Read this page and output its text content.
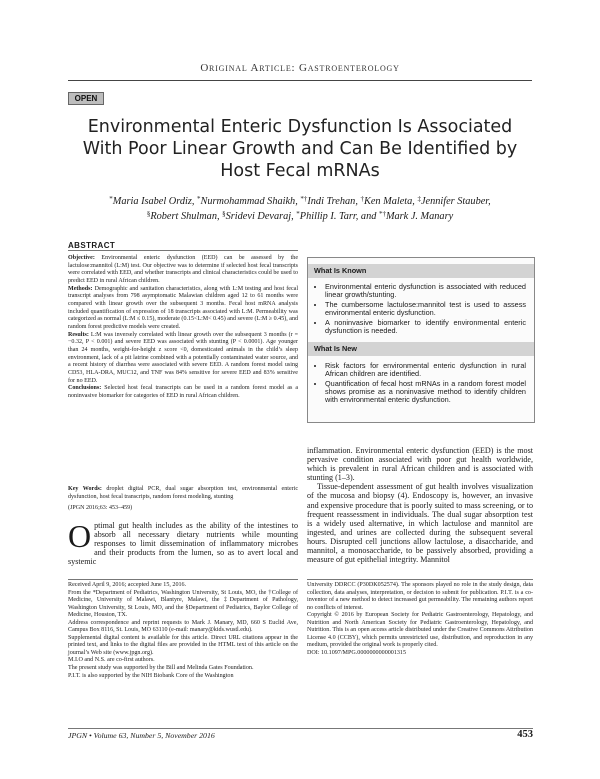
Original Article: Gastroenterology
OPEN
Environmental Enteric Dysfunction Is Associated With Poor Linear Growth and Can Be Identified by Host Fecal mRNAs
*Maria Isabel Ordiz, *Nurmohammad Shaikh, *†Indi Trehan, †Ken Maleta, ‡Jennifer Stauber,
§Robert Shulman, §Sridevi Devaraj, *Phillip I. Tarr, and *†Mark J. Manary
ABSTRACT

Objective: Environmental enteric dysfunction (EED) can be assessed by the lactulose:mannitol (L:M) test. Our objective was to determine if selected host fecal transcripts were correlated with EED, and whether transcripts and clinical characteristics could be used to predict EED in rural African children.

Methods: Demographic and sanitation characteristics, along with L:M testing and host fecal transcript analyses from 798 asymptomatic Malawian children aged 12 to 61 months were compared with linear growth over the subsequent 3 months. Fecal host mRNA analysis included quantification of expression of 18 transcripts associated with L:M. Permeability was categorized as normal (L:M ≤ 0.15), moderate (0.15<L:M< 0.45) and severe (L:M ≥ 0.45), and random forest predictive models were created.

Results: L:M was inversely correlated with linear growth over the subsequent 3 months (r = −0.32, P < 0.001) and severe EED was associated with stunting (P < 0.0001). Age younger than 24 months, weight-for-height z score <0, domesticated animals in the child’s sleep environment, lack of a pit latrine combined with a potentially contaminated water source, and a recent history of diarrhea were associated with severe EED. A random forest model using CD53, HLA-DRA, MUC12, and TNF was 84% sensitive for severe EED and 83% sensitive for no EED.

Conclusions: Selected host fecal transcripts can be used in a random forest model as a noninvasive biomarker for categories of EED in rural African children.

Key Words: droplet digital PCR, dual sugar absorption test, environmental enteric dysfunction, host fecal transcripts, random forest modeling, stunting
(JPGN 2016;63: 453–459)
Optimal gut health includes as the ability of the intestines to absorb all necessary dietary nutrients while mounting responses to limit dissemination of inflammatory microbes and their products from the lumen, so as to avert local and systemic
What Is Known
• Environmental enteric dysfunction is associated with reduced linear growth/stunting.
• The cumbersome lactulose:mannitol test is used to assess environmental enteric dysfunction.
• A noninvasive biomarker to identify environmental enteric dysfunction is needed.
What Is New
• Risk factors for environmental enteric dysfunction in rural African children are identified.
• Quantification of fecal host mRNAs in a random forest model shows promise as a noninvasive method to identify children with environmental enteric dysfunction.

inflammation. Environmental enteric dysfunction (EED) is the most pervasive condition associated with poor gut health worldwide, which is prevalent in rural African children and is associated with stunting (1–3).

Tissue-dependent assessment of gut health involves visualization of the mucosa and biopsy (4). Endoscopy is, however, an invasive and expensive procedure that is poorly suited to mass screening, or to frequent reassessment in individuals. The dual sugar absorption test is a widely used alternative, in which lactulose and mannitol are ingested, and urines are collected during the subsequent several hours. Disrupted cell junctions allow lactulose, a disaccharide, and mannitol, a monosaccharide, to be passively absorbed, providing a measure of gut epithelial integrity. Mannitol

Received April 9, 2016; accepted June 15, 2016.

From the *Department of Pediatrics, Washington University, St Louis, MO, the †College of Medicine, University of Malawi, Blantyre, Malawi, the ‡Department of Pathology, Washington University, St Louis, MO, and the §Department of Pediatrics, Baylor College of Medicine, Houston, TX.

Address correspondence and reprint requests to Mark J. Manary, MD, 660 S Euclid Ave, Campus Box 8116, St. Louis, MO 63110 (e-mail: manary@kids.wustl.edu).

Supplemental digital content is available for this article. Direct URL citations appear in the printed text, and links to the digital files are provided in the HTML text of this article on the journal’s Web site (www.jpgn.org).

M.I.O and N.S. are co-first authors.

The present study was supported by the Bill and Melinda Gates Foundation.

P.I.T. is also supported by the NIH Biobank Core of the Washington

University DDRCC (P30DK052574). The sponsors played no role in the study design, data collection, data analyses, interpretation, or decision to submit for publication. P.I.T. is a co-inventor of a new method to detect increased gut permeability. The remaining authors report no conflicts of interest.

Copyright © 2016 by European Society for Pediatric Gastroenterology, Hepatology, and Nutrition and North American Society for Pediatric Gastroenterology, Hepatology, and Nutrition. This is an open access article distributed under the Creative Commons Attribution License 4.0 (CCBY), which permits unrestricted use, distribution, and reproduction in any medium, provided the original work is properly cited.

DOI: 10.1097/MPG.0000000000001315

JPGN • Volume 63, Number 5, November 2016	453
